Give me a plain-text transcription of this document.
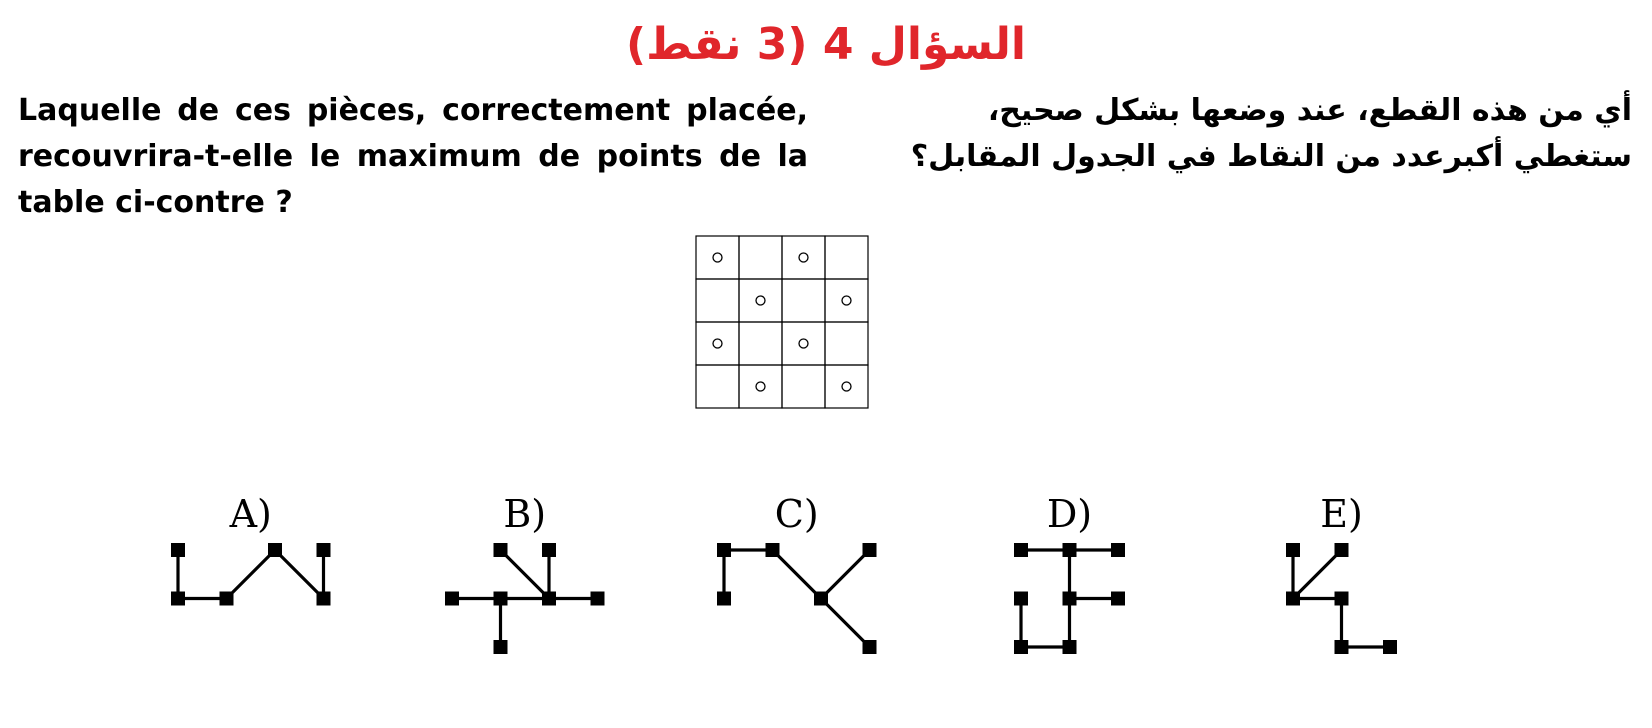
السؤال 4 (3 نقط)
Laquelle de ces pièces, correctement placée, recouvrira-t-elle le maximum de points de la table ci-contre ?
أي من هذه القطع، عند وضعها بشكل صحيح، ستغطي أكبرعدد من النقاط في الجدول المقابل؟
A)	B)	C)	D)	E)
